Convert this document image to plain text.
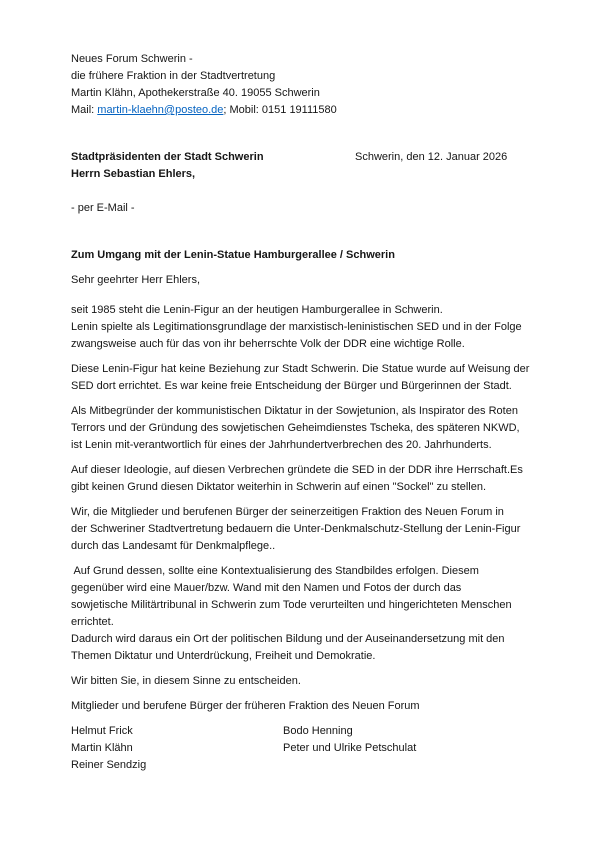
Neues Forum Schwerin -
die frühere Fraktion in der Stadtvertretung
Martin Klähn, Apothekerstraße 40. 19055 Schwerin
Mail: martin-klaehn@posteo.de; Mobil: 0151 19111580
Stadtpräsidenten der Stadt Schwerin	Schwerin, den 12. Januar 2026
Herrn Sebastian Ehlers,
- per E-Mail -
Zum Umgang mit der Lenin-Statue Hamburgerallee / Schwerin
Sehr geehrter Herr Ehlers,
seit 1985 steht die Lenin-Figur an der heutigen Hamburgerallee in Schwerin.
Lenin spielte als Legitimationsgrundlage der marxistisch-leninistischen SED und in der Folge
zwangsweise auch für das von ihr beherrschte Volk der DDR eine wichtige Rolle.
Diese Lenin-Figur hat keine Beziehung zur Stadt Schwerin. Die Statue wurde auf Weisung der
SED dort errichtet. Es war keine freie Entscheidung der Bürger und Bürgerinnen der Stadt.
Als Mitbegründer der kommunistischen Diktatur in der Sowjetunion, als Inspirator des Roten
Terrors und der Gründung des sowjetischen Geheimdienstes Tscheka, des späteren NKWD,
ist Lenin mit-verantwortlich für eines der Jahrhundertverbrechen des 20. Jahrhunderts.
Auf dieser Ideologie, auf diesen Verbrechen gründete die SED in der DDR ihre Herrschaft.Es
gibt keinen Grund diesen Diktator weiterhin in Schwerin auf einen "Sockel" zu stellen.
Wir, die Mitglieder und berufenen Bürger der seinerzeitigen Fraktion des Neuen Forum in
der Schweriner Stadtvertretung bedauern die Unter-Denkmalschutz-Stellung der Lenin-Figur
durch das Landesamt für Denkmalpflege..
Auf Grund dessen, sollte eine Kontextualisierung des Standbildes erfolgen. Diesem
gegenüber wird eine Mauer/bzw. Wand mit den Namen und Fotos der durch das
sowjetische Militärtribunal in Schwerin zum Tode verurteilten und hingerichteten Menschen
errichtet.
Dadurch wird daraus ein Ort der politischen Bildung und der Auseinandersetzung mit den
Themen Diktatur und Unterdrückung, Freiheit und Demokratie.
Wir bitten Sie, in diesem Sinne zu entscheiden.
Mitglieder und berufene Bürger der früheren Fraktion des Neuen Forum
Helmut Frick
Martin Klähn
Reiner Sendzig
Bodo Henning
Peter und Ulrike Petschulat
